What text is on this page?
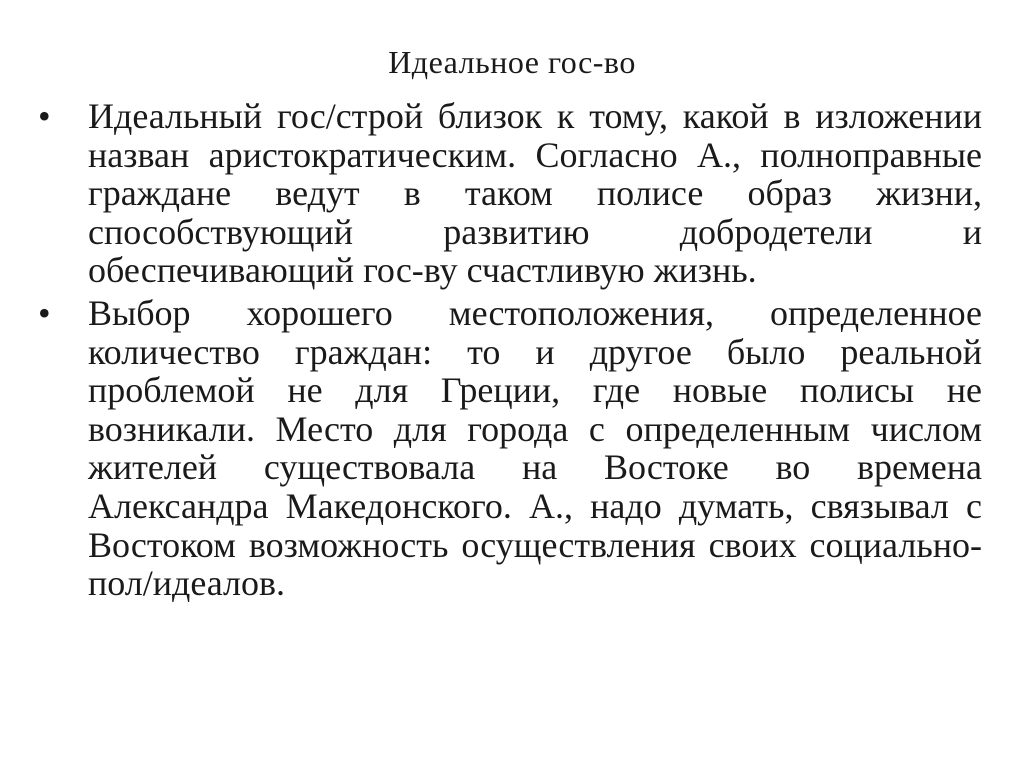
Идеальное гос-во
• Идеальный гос/строй близок к тому, какой в изложении назван аристократическим. Согласно А., полноправные граждане ведут в таком полисе образ жизни, способствующий развитию добродетели и обеспечивающий гос-ву счастливую жизнь.
• Выбор хорошего местоположения, определенное количество граждан: то и другое было реальной проблемой не для Греции, где новые полисы не возникали. Место для города с определенным числом жителей существовала на Востоке во времена Александра Македонского. А., надо думать, связывал с Востоком возможность осуществления своих социально-пол/идеалов.
